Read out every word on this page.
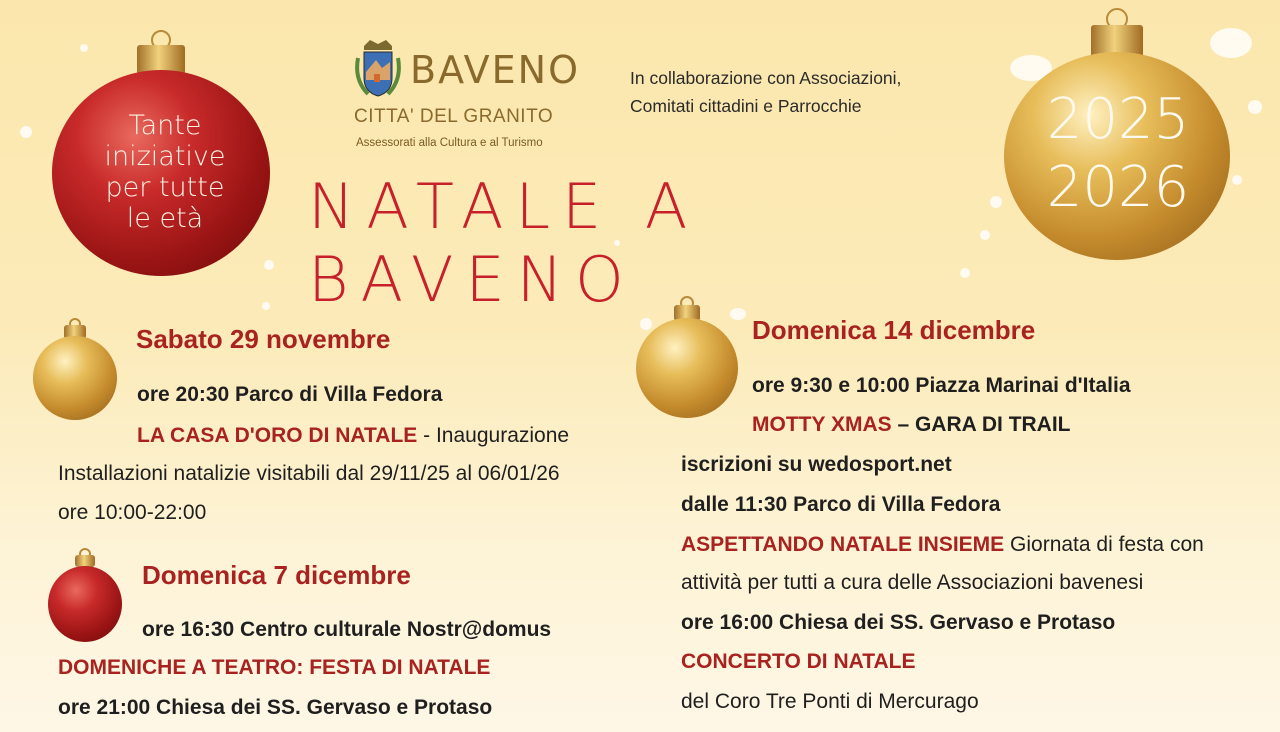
Tante
iniziative
per tutte
le età
2025
2026
BAVENO
CITTA' DEL GRANITO
Assessorati alla Cultura e al Turismo
In collaborazione con Associazioni,
Comitati cittadini e Parrocchie
NATALE A BAVENO
Sabato 29 novembre
ore 20:30 Parco di Villa Fedora
LA CASA D'ORO DI NATALE - Inaugurazione
Installazioni natalizie visitabili dal 29/11/25 al 06/01/26
ore 10:00-22:00
Domenica 7 dicembre
ore 16:30 Centro culturale Nostr@domus
DOMENICHE A TEATRO: FESTA DI NATALE
ore 21:00 Chiesa dei SS. Gervaso e Protaso
Domenica 14 dicembre
ore 9:30 e 10:00 Piazza Marinai d'Italia
MOTTY XMAS – GARA DI TRAIL
iscrizioni su wedosport.net
dalle 11:30 Parco di Villa Fedora
ASPETTANDO NATALE INSIEME Giornata di festa con
attività per tutti a cura delle Associazioni bavenesi
ore 16:00 Chiesa dei SS. Gervaso e Protaso
CONCERTO DI NATALE
del Coro Tre Ponti di Mercurago
